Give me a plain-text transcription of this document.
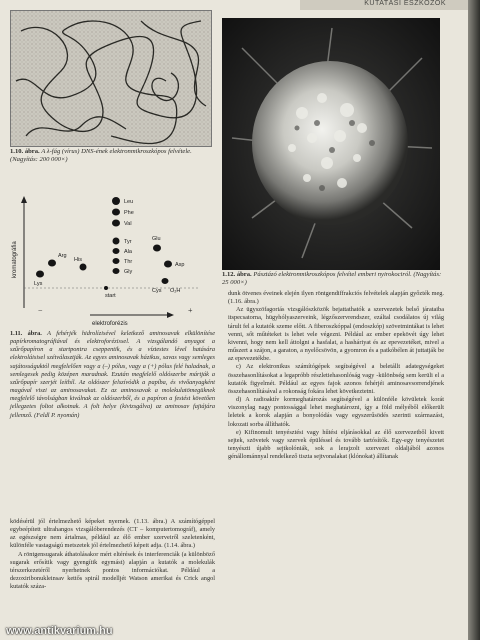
KUTATÁSI ESZKÖZÖK
1.10. ábra. A λ-fág (vírus) DNS-ének elektronmikroszkópos felvétele. (Nagyítás: 200 000×)
1.12. ábra. Pásztázó elektronmikroszkópos felvétel emberi nyirokociról. (Nagyítás: 25 000×)
kromatográfia
elektroforézis
start
−	+
Leu
Phe
Val
Tyr
Ala
Thr
Gly
Glu
Asp
Arg
Lys
His
Cys O₂H

1.11. ábra. A fehérjék hidrolízisével keletkező aminosavak elkülönítése papírkromatográfiával és elektroforézissel. A vizsgálandó anyagot a szűrőpapíron a startpontra cseppentik, és a víztestes lével hatására elektroláisisel szétválasztják. Az egyes aminosavak házikus, savas vagy semleges sajátosságuktól megfelelően vagy a (–) pólus, vagy a (+) pólus felé haladnak, a semlegesek pedig középen maradnak. Ezután megfelelő oldószerbe mártják a szűrőpapír szerjét leíthíl. Az oldószer felszívódik a papíba, és vivőanyagként magával viszi az aminosavakat. Ez az aminosavak a molekulatömegüknek megfelelő távolságban kiválnak az oldószerből, és a papíron a festést követően jellegzetes foltot alkotnak. A folt helye (kivizsgálva) az aminosav fajtájára jellemző. (Feldl P. nyomán)

ködésérül jól értelmezhető képeket nyernek. (1.13. ábra.) A számítógéppel egybeépített ultrahangos vizsgálóberendezés (CT – komputertomográf), amely az egészségre nem ártalmas, például az élő ember szerveiről szeletenként, különféle vastagságú metszetek jól értelmezhető képeit adja. (1.14. ábra.)

A röntgensugarak áthatolásakor mért eltérések és interferenciák (a különböző sugarak erősítik vagy gyengítik egymást) alapján a kutatók a molekulák térszerkezetéről nyerhetnek pontos információkat. Például a dezoxiribonukleinsav kettős spirál modelljét Watson amerikai és Crick angol kutatók száza-

dunk ötvenes éveinek elején ilyen röntgendiffrakciós felvételek alapján győzték meg. (1.16. ábra.)

Az ügyszöfagoriás vizsgálószközök bejattathatók a szervezetek belső járataiba itspecsatorna, hügyhólyaszerveink, légzőszervrendszer, ezáltal csodálatos új világ tárult fel a kutatók szeme előtt. A fiberoszkóppal (endoszkóp) szövetmintákat is lehet venni, sőt műtéteket is lehet vele végezni. Például az ember epekövét úgy lehet kivenni, hogy nem kell áttolgni a hasfalat, a hasháriyat és az epevezetéket, mivel a műszert a szájon, a garaton, a nyelőcsövön, a gyomron és a patkóbélen át juttatják be az epevezetékbe.

c) Az elektronikus számítógépek segítségével a beletállt adategységeket összehasonlításokat a legapróbb részletiehasonlóság vagy -különbség sem kerüli el a kutatók figyelmét. Például az egyes fajok azonos fehérjéi aminosavsorrendjének összehasonlításával a rokonság fokára lehet következtetni.

d) A radioaktív kormeghatározás segítségével a különféle kövületek korát viszonylag nagy pontossággal lehet meghatározni, így a föld mélyéből előkerült leletek a korok alapján a bonyolódás vagy egyszerűsödés szerinti származást, lokozati sorba állíthatók.

e) Kifinomult tenyésztési vagy hűtési eljárásokkal az élő szervezetből kivett sejtek, szövetek vagy szervek épüléssel és tovább tartósítók. Egy-egy tenyészetet tenyészti újabb sejtkolóniák, sok a lerajzolt szervezet oldaljából azonos génállománnyal rendelkező tiszta sejtvonalakat (klónokat) állítanak

www.antikvarium.hu
